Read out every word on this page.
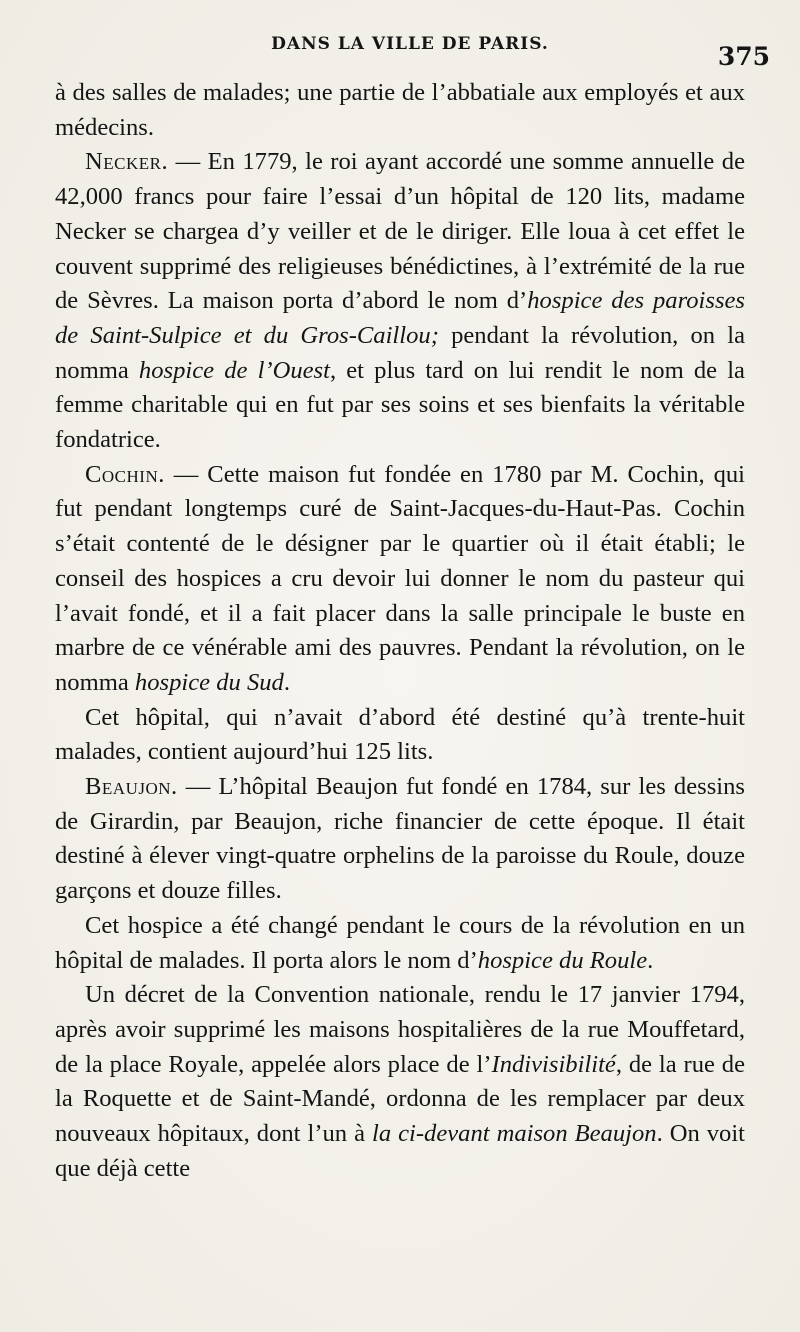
DANS LA VILLE DE PARIS.	375

à des salles de malades; une partie de l’abbatiale aux employés et aux médecins.

Necker. — En 1779, le roi ayant accordé une somme annuelle de 42,000 francs pour faire l’essai d’un hôpital de 120 lits, madame Necker se chargea d’y veiller et de le diriger. Elle loua à cet effet le couvent supprimé des religieuses bénédictines, à l’extrémité de la rue de Sèvres. La maison porta d’abord le nom d’hospice des paroisses de Saint-Sulpice et du Gros-Caillou; pendant la révolution, on la nomma hospice de l’Ouest, et plus tard on lui rendit le nom de la femme charitable qui en fut par ses soins et ses bienfaits la véritable fondatrice.

Cochin. — Cette maison fut fondée en 1780 par M. Cochin, qui fut pendant longtemps curé de Saint-Jacques-du-Haut-Pas. Cochin s’était contenté de le désigner par le quartier où il était établi; le conseil des hospices a cru devoir lui donner le nom du pasteur qui l’avait fondé, et il a fait placer dans la salle principale le buste en marbre de ce vénérable ami des pauvres. Pendant la révolution, on le nomma hospice du Sud.

Cet hôpital, qui n’avait d’abord été destiné qu’à trente-huit malades, contient aujourd’hui 125 lits.

Beaujon. — L’hôpital Beaujon fut fondé en 1784, sur les dessins de Girardin, par Beaujon, riche financier de cette époque. Il était destiné à élever vingt-quatre orphelins de la paroisse du Roule, douze garçons et douze filles.

Cet hospice a été changé pendant le cours de la révolution en un hôpital de malades. Il porta alors le nom d’hospice du Roule.

Un décret de la Convention nationale, rendu le 17 janvier 1794, après avoir supprimé les maisons hospitalières de la rue Mouffetard, de la place Royale, appelée alors place de l’Indivisibilité, de la rue de la Roquette et de Saint-Mandé, ordonna de les remplacer par deux nouveaux hôpitaux, dont l’un à la ci-devant maison Beaujon. On voit que déjà cette
